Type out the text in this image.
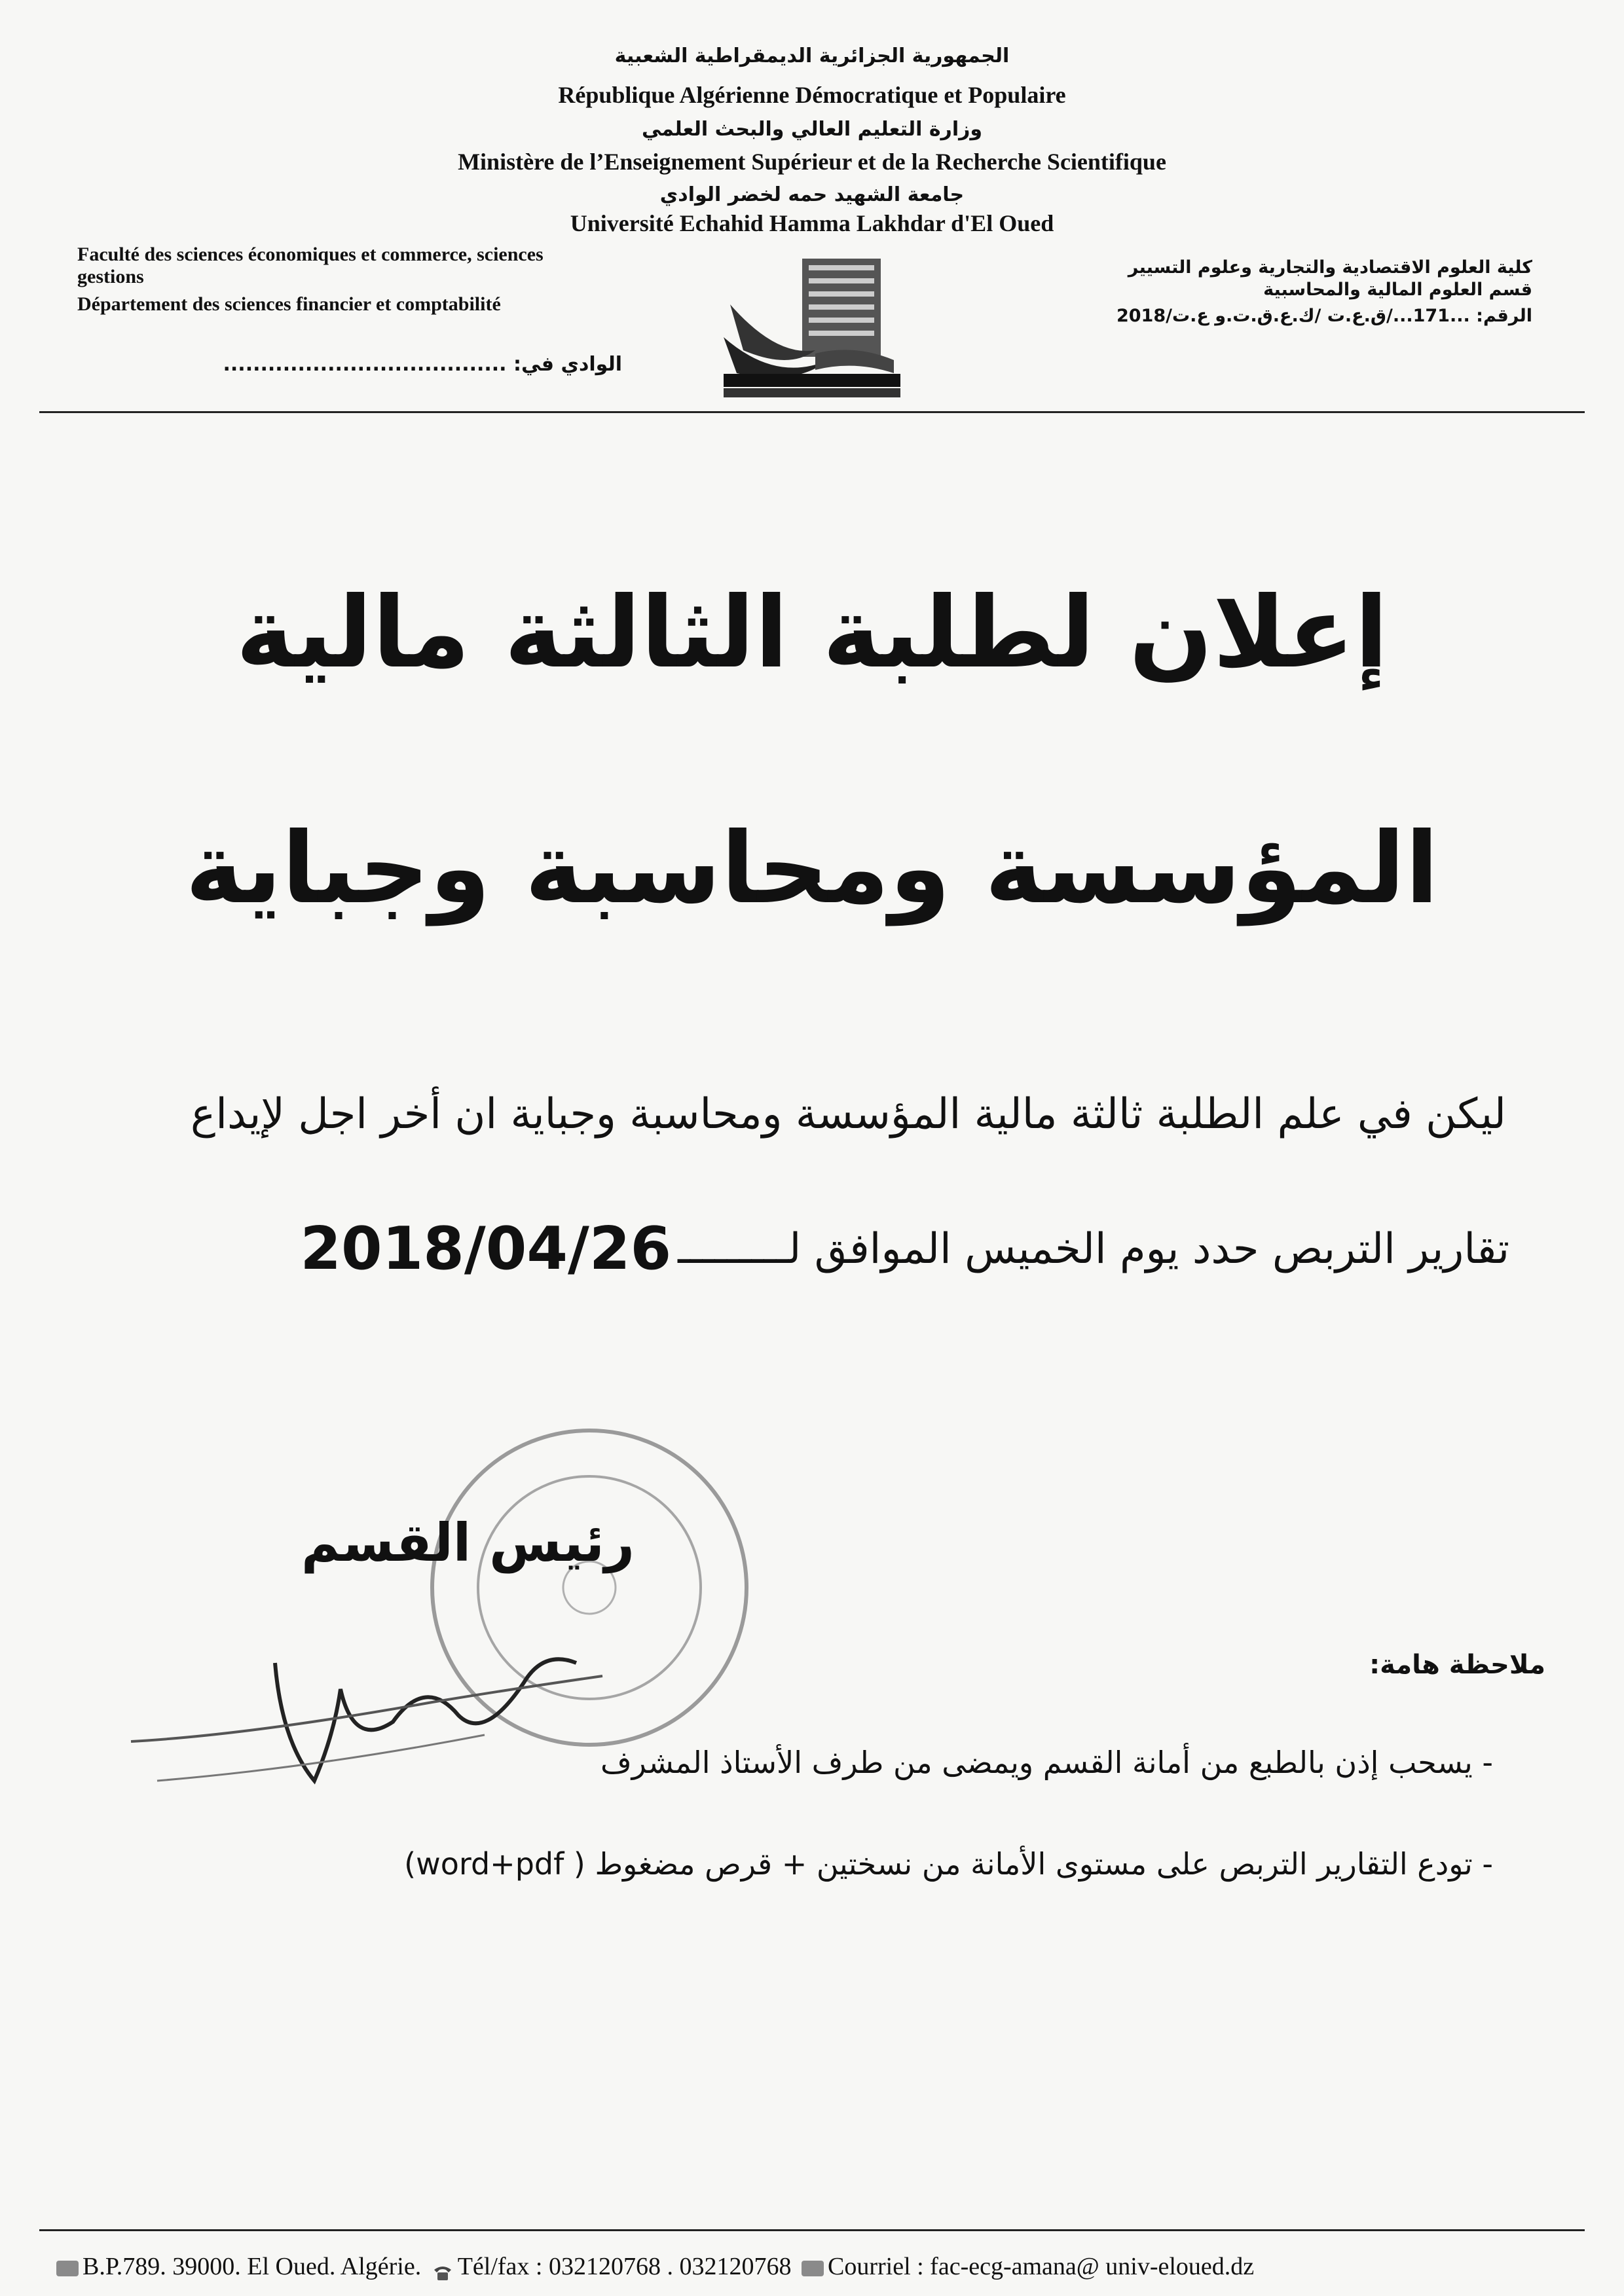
الجمهورية الجزائرية الديمقراطية الشعبية
République Algérienne Démocratique et Populaire
وزارة التعليم العالي والبحث العلمي
Ministère de l’Enseignement Supérieur et de la Recherche Scientifique
جامعة الشهيد حمه لخضر الوادي
Université Echahid Hamma Lakhdar d'El Oued
Faculté des sciences économiques et commerce, sciences
gestions
Département des sciences financier et comptabilité
الوادي في: ......................................
كلية العلوم الاقتصادية والتجارية وعلوم التسيير
قسم العلوم المالية والمحاسبية
الرقم: ...171.../ق.ع.ت /ك.ع.ق.ت.و ع.ت/2018
إعلان لطلبة الثالثة مالية
المؤسسة ومحاسبة وجباية
ليكن في علم الطلبة ثالثة مالية المؤسسة ومحاسبة وجباية ان أخر اجل لإيداع
2018/04/26 تقارير التربص حدد يوم الخميس الموافق لـــــــــ
رئيس القسم
ملاحظة هامة:
- يسحب إذن بالطبع من أمانة القسم ويمضى من طرف الأستاذ المشرف
- تودع التقارير التربص على مستوى الأمانة من نسختين + قرص مضغوط ( word+pdf)
B.P.789. 39000. El Oued. Algérie. Tél/fax : 032120768 . 032120768 Courriel : fac-ecg-amana@ univ-eloued.dz
